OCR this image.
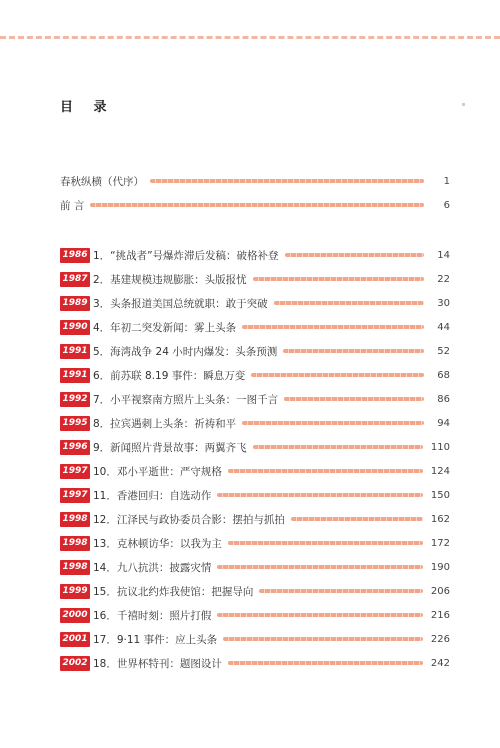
目 录
春秋纵横（代序）	1
前 言	6
1986 1．“挑战者”号爆炸滞后发稿：破格补登	14
1987 2．基建规模违规膨胀：头版报忧	22
1989 3．头条报道美国总统就职：敢于突破	30
1990 4．年初二突发新闻：雾上头条	44
1991 5．海湾战争 24 小时内爆发：头条预测	52
1991 6．前苏联 8.19 事件：瞬息万变	68
1992 7．小平视察南方照片上头条：一图千言	86
1995 8．拉宾遇刺上头条：祈祷和平	94
1996 9．新闻照片背景故事：两翼齐飞	110
1997 10．邓小平逝世：严守规格	124
1997 11．香港回归：自选动作	150
1998 12．江泽民与政协委员合影：摆拍与抓拍	162
1998 13．克林顿访华：以我为主	172
1998 14．九八抗洪：披露灾情	190
1999 15．抗议北约炸我使馆：把握导向	206
2000 16．千禧时刻：照片打假	216
2001 17．9·11 事件：应上头条	226
2002 18．世界杯特刊：题图设计	242
